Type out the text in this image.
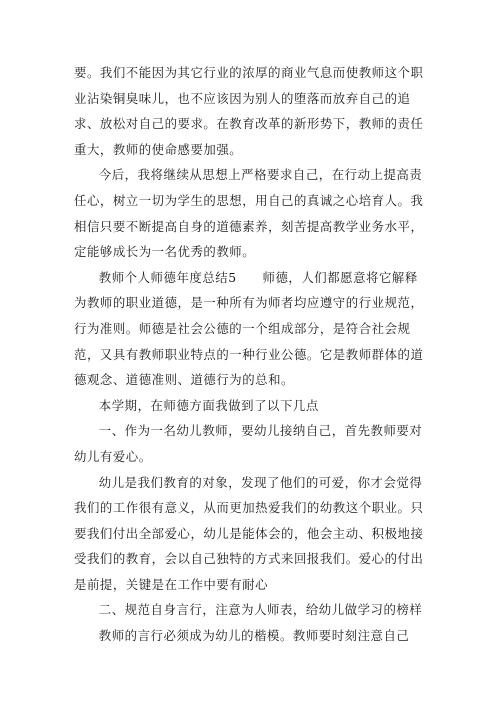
要。我们不能因为其它行业的浓厚的商业气息而使教师这个职业沾染铜臭味儿，也不应该因为别人的堕落而放弃自己的追求、放松对自己的要求。在教育改革的新形势下，教师的责任重大，教师的使命感要加强。

今后，我将继续从思想上严格要求自己，在行动上提高责任心，树立一切为学生的思想，用自己的真诚之心培育人。我相信只要不断提高自身的道德素养，刻苦提高教学业务水平，定能够成长为一名优秀的教师。

教师个人师德年度总结5　　师德，人们都愿意将它解释为教师的职业道德，是一种所有为师者均应遵守的行业规范，行为准则。师德是社会公德的一个组成部分，是符合社会规范，又具有教师职业特点的一种行业公德。它是教师群体的道德观念、道德准则、道德行为的总和。

本学期，在师德方面我做到了以下几点

一、作为一名幼儿教师，要幼儿接纳自己，首先教师要对幼儿有爱心。

幼儿是我们教育的对象，发现了他们的可爱，你才会觉得我们的工作很有意义，从而更加热爱我们的幼教这个职业。只要我们付出全部爱心，幼儿是能体会的，他会主动、积极地接受我们的教育，会以自己独特的方式来回报我们。爱心的付出是前提，关键是在工作中要有耐心

二、规范自身言行，注意为人师表，给幼儿做学习的榜样

教师的言行必须成为幼儿的楷模。教师要时刻注意自己
